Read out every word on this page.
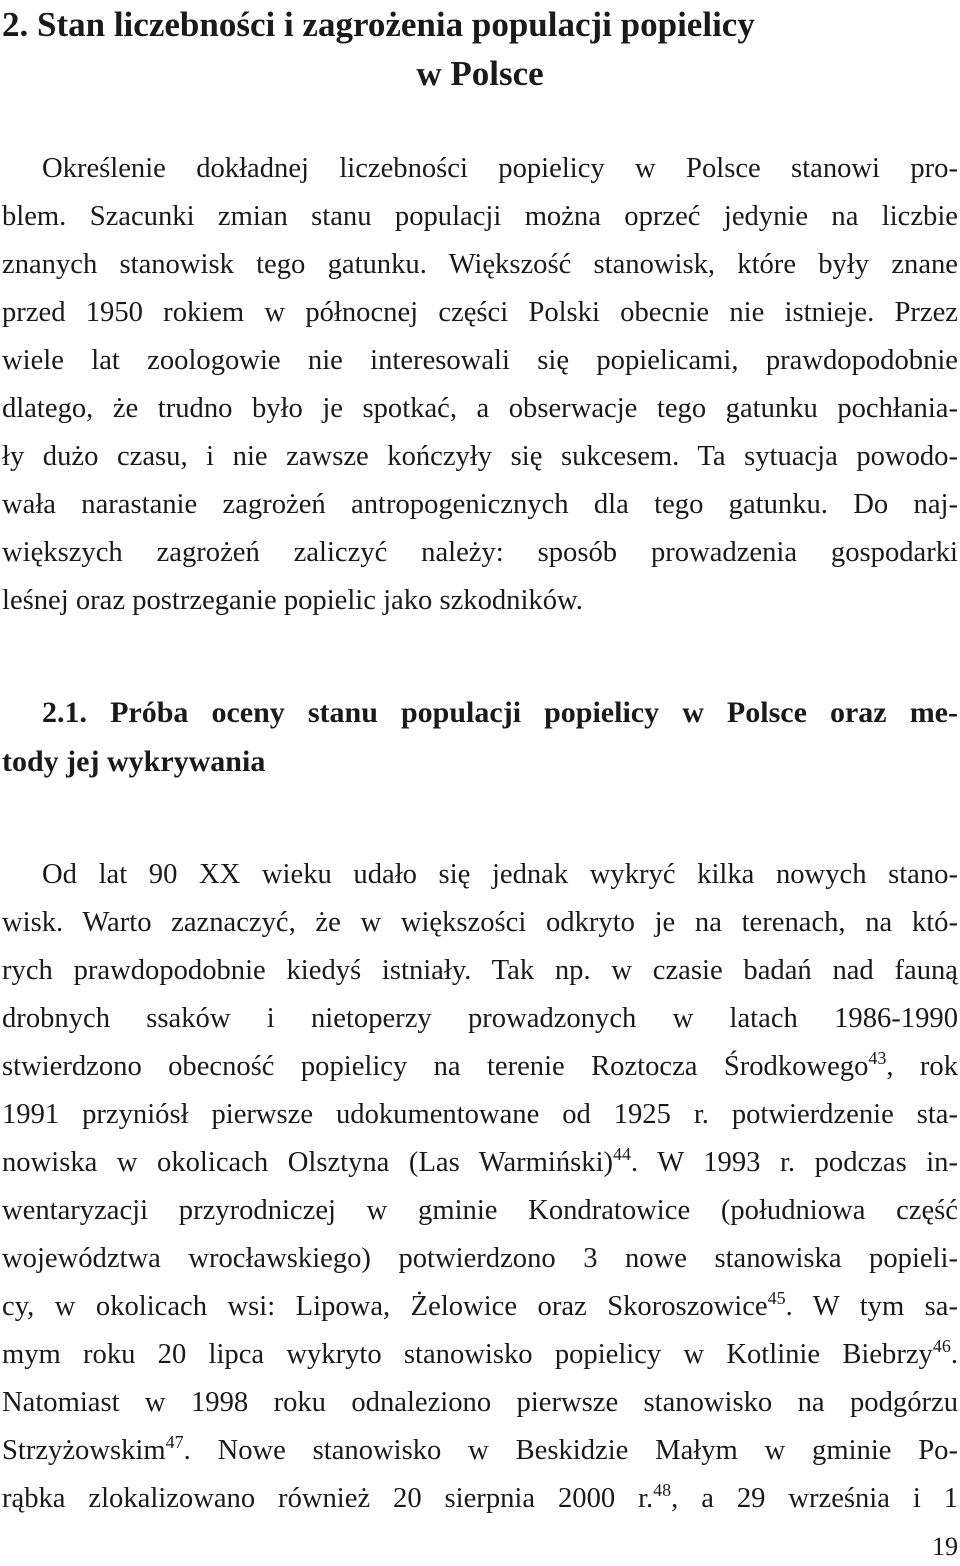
2. Stan liczebności i zagrożenia populacji popielicy
w Polsce
Określenie dokładnej liczebności popielicy w Polsce stanowi pro-
blem. Szacunki zmian stanu populacji można oprzeć jedynie na liczbie
znanych stanowisk tego gatunku. Większość stanowisk, które były znane
przed 1950 rokiem w północnej części Polski obecnie nie istnieje. Przez
wiele lat zoologowie nie interesowali się popielicami, prawdopodobnie
dlatego, że trudno było je spotkać, a obserwacje tego gatunku pochłania-
ły dużo czasu, i nie zawsze kończyły się sukcesem. Ta sytuacja powodo-
wała narastanie zagrożeń antropogenicznych dla tego gatunku. Do naj-
większych zagrożeń zaliczyć należy: sposób prowadzenia gospodarki
leśnej oraz postrzeganie popielic jako szkodników.
2.1. Próba oceny stanu populacji popielicy w Polsce oraz me-
tody jej wykrywania
Od lat 90 XX wieku udało się jednak wykryć kilka nowych stano-
wisk. Warto zaznaczyć, że w większości odkryto je na terenach, na któ-
rych prawdopodobnie kiedyś istniały. Tak np. w czasie badań nad fauną
drobnych ssaków i nietoperzy prowadzonych w latach 1986-1990
stwierdzono obecność popielicy na terenie Roztocza Środkowego$^{43}$, rok
1991 przyniósł pierwsze udokumentowane od 1925 r. potwierdzenie sta-
nowiska w okolicach Olsztyna (Las Warmiński)$^{44}$. W 1993 r. podczas in-
wentaryzacji przyrodniczej w gminie Kondratowice (południowa część
województwa wrocławskiego) potwierdzono 3 nowe stanowiska popieli-
cy, w okolicach wsi: Lipowa, Żelowice oraz Skoroszowice$^{45}$. W tym sa-
mym roku 20 lipca wykryto stanowisko popielicy w Kotlinie Biebrzy$^{46}$.
Natomiast w 1998 roku odnaleziono pierwsze stanowisko na podgórzu
Strzyżowskim$^{47}$. Nowe stanowisko w Beskidzie Małym w gminie Po-
rąbka zlokalizowano również 20 sierpnia 2000 r.$^{48}$, a 29 września i 1
19
